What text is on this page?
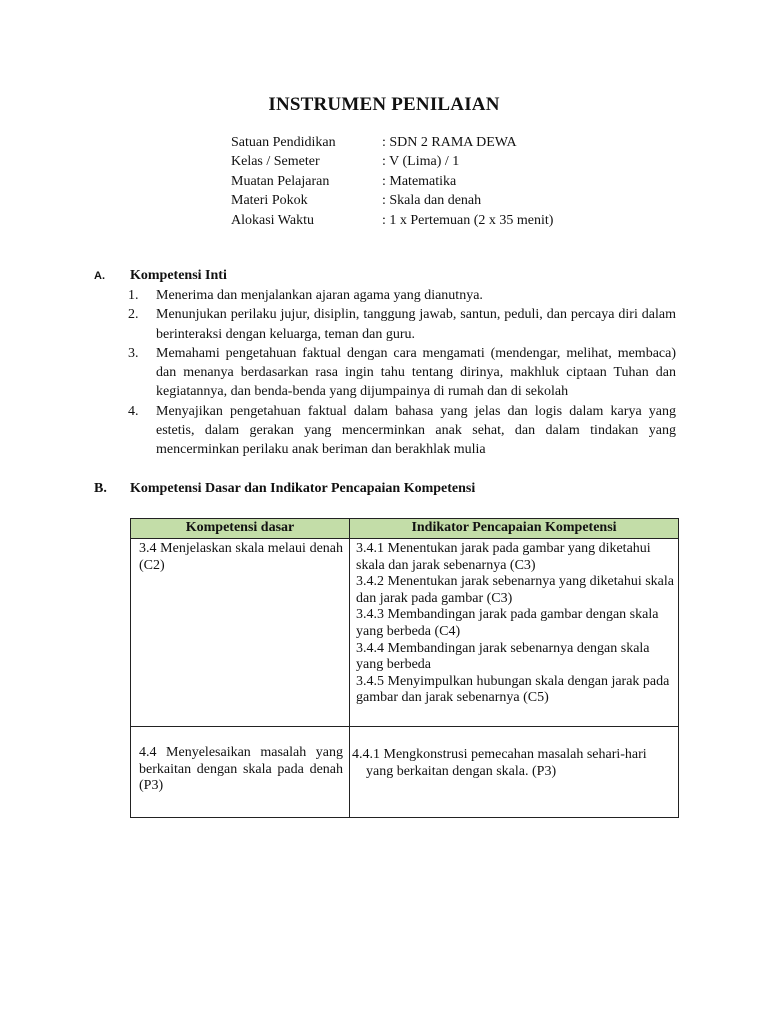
INSTRUMEN PENILAIAN
Satuan Pendidikan	: SDN 2 RAMA DEWA
Kelas / Semeter	: V (Lima) / 1
Muatan Pelajaran	: Matematika
Materi Pokok	: Skala dan denah
Alokasi Waktu	: 1 x Pertemuan (2 x 35 menit)
A. Kompetensi Inti
1.	Menerima dan menjalankan ajaran agama yang dianutnya.
2.	Menunjukan perilaku jujur, disiplin, tanggung jawab, santun, peduli, dan percaya diri dalam berinteraksi dengan keluarga, teman dan guru.
3.	Memahami pengetahuan faktual dengan cara mengamati (mendengar, melihat, membaca) dan menanya berdasarkan rasa ingin tahu tentang dirinya, makhluk ciptaan Tuhan dan kegiatannya, dan benda-benda yang dijumpainya di rumah dan di sekolah
4.	Menyajikan pengetahuan faktual dalam bahasa yang jelas dan logis dalam karya yang estetis, dalam gerakan yang mencerminkan anak sehat, dan dalam tindakan yang mencerminkan perilaku anak beriman dan berakhlak mulia
B. Kompetensi Dasar dan Indikator Pencapaian Kompetensi
Kompetensi dasar	Indikator Pencapaian Kompetensi

3.4 Menjelaskan skala melaui denah (C2)	3.4.1 Menentukan jarak pada gambar yang diketahui skala dan jarak sebenarnya (C3)

3.4.2 Menentukan jarak sebenarnya yang diketahui skala dan jarak pada gambar (C3)

3.4.3 Membandingan jarak pada gambar dengan skala yang berbeda (C4)

3.4.4 Membandingan jarak sebenarnya dengan skala yang berbeda

3.4.5 Menyimpulkan hubungan skala dengan jarak pada gambar dan jarak sebenarnya (C5)

4.4 Menyelesaikan masalah yang berkaitan dengan skala pada denah (P3)	4.4.1 Mengkonstrusi pemecahan masalah sehari-hari yang berkaitan dengan skala. (P3)
